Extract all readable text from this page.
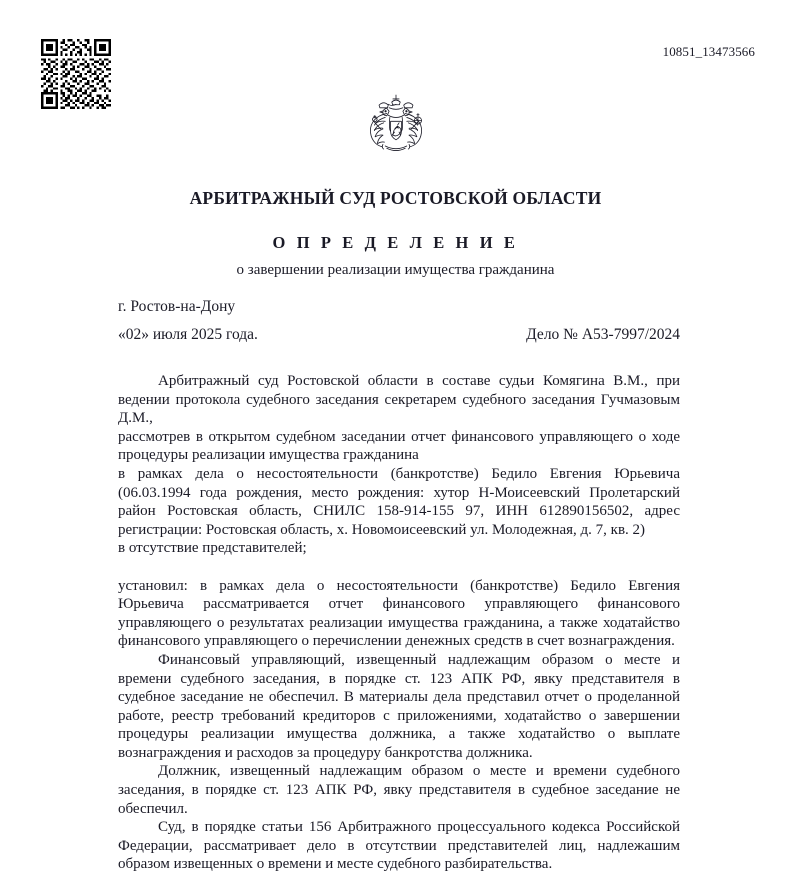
10851_13473566
АРБИТРАЖНЫЙ СУД РОСТОВСКОЙ ОБЛАСТИ
О П Р Е Д Е Л Е Н И Е
о завершении реализации имущества гражданина
г. Ростов-на-Дону
«02» июля 2025 года.	Дело № А53-7997/2024

Арбитражный суд Ростовской области в составе судьи Комягина В.М., при ведении протокола судебного заседания секретарем судебного заседания Гучмазовым Д.М.,

рассмотрев в открытом судебном заседании отчет финансового управляющего о ходе процедуры реализации имущества гражданина

в рамках дела о несостоятельности (банкротстве) Бедило Евгения Юрьевича (06.03.1994 года рождения, место рождения: хутор Н-Моисеевский Пролетарский район Ростовская область, СНИЛС 158-914-155 97, ИНН 612890156502, адрес регистрации: Ростовская область, х. Новомоисеевский ул. Молодежная, д. 7, кв. 2)

в отсутствие представителей;

установил: в рамках дела о несостоятельности (банкротстве) Бедило Евгения Юрьевича рассматривается отчет финансового управляющего финансового управляющего о результатах реализации имущества гражданина, а также ходатайство финансового управляющего о перечислении денежных средств в счет вознаграждения.

Финансовый управляющий, извещенный надлежащим образом о месте и времени судебного заседания, в порядке ст. 123 АПК РФ, явку представителя в судебное заседание не обеспечил. В материалы дела представил отчет о проделанной работе, реестр требований кредиторов с приложениями, ходатайство о завершении процедуры реализации имущества должника, а также ходатайство о выплате вознаграждения и расходов за процедуру банкротства должника.

Должник, извещенный надлежащим образом о месте и времени судебного заседания, в порядке ст. 123 АПК РФ, явку представителя в судебное заседание не обеспечил.

Суд, в порядке статьи 156 Арбитражного процессуального кодекса Российской Федерации, рассматривает дело в отсутствии представителей лиц, надлежашим образом извещенных о времени и месте судебного разбирательства.
